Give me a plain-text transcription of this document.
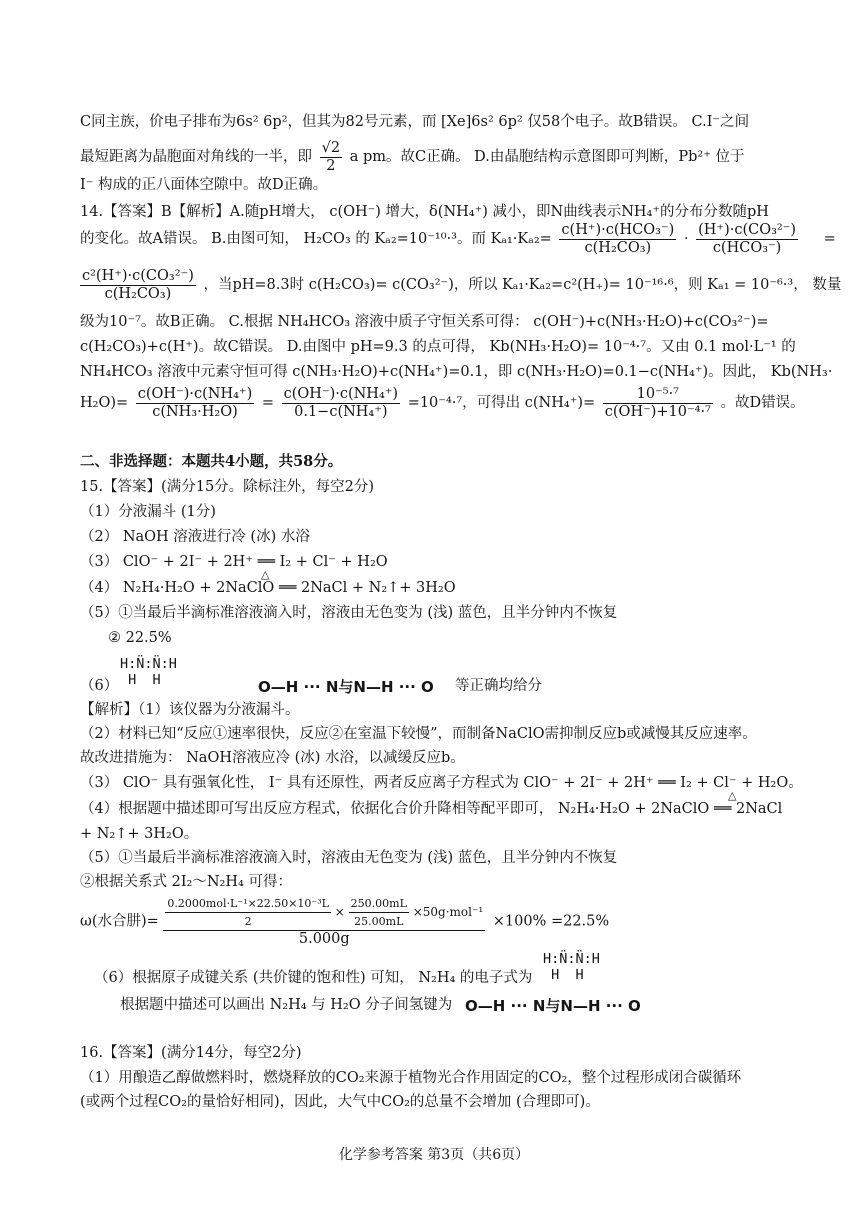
C同主族，价电子排布为6s² 6p²，但其为82号元素，而 [Xe]6s² 6p² 仅58个电子。故B错误。 C.I⁻之间
最短距离为晶胞面对角线的一半，即 $\frac{√2}{2}$ a pm。故C正确。 D.由晶胞结构示意图即可判断，Pb²⁺ 位于
I⁻ 构成的正八面体空隙中。故D正确。
14.【答案】B【解析】A.随pH增大， c(OH⁻) 增大，δ(NH₄⁺) 减小，即N曲线表示NH₄⁺的分布分数随pH
的变化。故A错误。 B.由图可知， H₂CO₃ 的 Kₐ₂=10⁻¹⁰·³。而 $K_{a1}\cdot K_{a2}= \frac{\text{c(H⁺)·c(HCO₃⁻)}}{\text{c(H₂CO₃)}} \cdot \frac{\text{(H⁺)·c(CO₃²⁻)}}{\text{c(HCO₃⁻)}}$ =
$\frac{\text{c²(H⁺)·c(CO₃²⁻)}}{\text{c(H₂CO₃)}}$ ，当pH=8.3时 c(H₂CO₃)= c(CO₃²⁻)，所以 Kₐ₁·Kₐ₂=c²(H₊)= 10⁻¹⁶·⁶，则 Kₐ₁ = 10⁻⁶·³， 数量
级为10⁻⁷。故B正确。 C.根据 NH₄HCO₃ 溶液中质子守恒关系可得： c(OH⁻)+c(NH₃·H₂O)+c(CO₃²⁻)=
c(H₂CO₃)+c(H⁺)。故C错误。 D.由图中 pH=9.3 的点可得， Kb(NH₃·H₂O)= 10⁻⁴·⁷。又由 0.1 mol·L⁻¹ 的
NH₄HCO₃ 溶液中元素守恒可得 c(NH₃·H₂O)+c(NH₄⁺)=0.1，即 c(NH₃·H₂O)=0.1−c(NH₄⁺)。因此， Kb(NH₃·
$H_2O)= \frac{\text{c(OH⁻)·c(NH₄⁺)}}{\text{c(NH₃·H₂O)}} = \frac{\text{c(OH⁻)·c(NH₄⁺)}}{\text{0.1−c(NH₄⁺)}} =10^{-4}\cdot^7$，可得出 $c(NH_4^+)= \frac{\text{10⁻⁵·⁷}}{\text{c(OH⁻)+10⁻⁴·⁷}}$ 。故D错误。
二、非选择题：本题共4小题，共58分。
15.【答案】(满分15分。除标注外，每空2分)
（1）分液漏斗 (1分)
（2） NaOH 溶液进行冷 (冰) 水浴
（3） ClO⁻ + 2I⁻ + 2H⁺ ══ I₂ + Cl⁻ + H₂O
（4） N₂H₄·H₂O + 2NaClO ══ 2NaCl + N₂↑+ 3H₂O
△
（5）①当最后半滴标准溶液滴入时，溶液由无色变为 (浅) 蓝色，且半分钟内不恢复
② 22.5%
H:N̈:N̈:H
H  H
（6）	O—H ··· N与N—H ··· O 等正确均给分
【解析】（1）该仪器为分液漏斗。
（2）材料已知“反应①速率很快，反应②在室温下较慢”，而制备NaClO需抑制反应b或减慢其反应速率。
故改进措施为： NaOH溶液应冷 (冰) 水浴，以减缓反应b。
（3） ClO⁻ 具有强氧化性， I⁻ 具有还原性，两者反应离子方程式为 ClO⁻ + 2I⁻ + 2H⁺ ══ I₂ + Cl⁻ + H₂O。
（4）根据题中描述即可写出反应方程式，依据化合价升降相等配平即可， N₂H₄·H₂O + 2NaClO ══ 2NaCl
△
+ N₂↑+ 3H₂O。
（5）①当最后半滴标准溶液滴入时，溶液由无色变为 (浅) 蓝色，且半分钟内不恢复
②根据关系式 2I₂～N₂H₄ 可得：
ω(水合肼)= $\frac{\text{0.2000mol·L⁻¹×22.50×10⁻³L}}{2} \times \frac{250.00mL}{25.00mL} \times 50g\cdot mol^{-1}$
5.000g
×100% =22.5%
H:N̈:N̈:H
H  H
（6）根据原子成键关系 (共价键的饱和性) 可知， N₂H₄ 的电子式为
根据题中描述可以画出 N₂H₄ 与 H₂O 分子间氢键为 O—H ··· N与N—H ··· O
16.【答案】(满分14分，每空2分)
（1）用酿造乙醇做燃料时，燃烧释放的CO₂来源于植物光合作用固定的CO₂，整个过程形成闭合碳循环
(或两个过程CO₂的量恰好相同)，因此，大气中CO₂的总量不会增加 (合理即可)。
化学参考答案 第3页（共6页）
